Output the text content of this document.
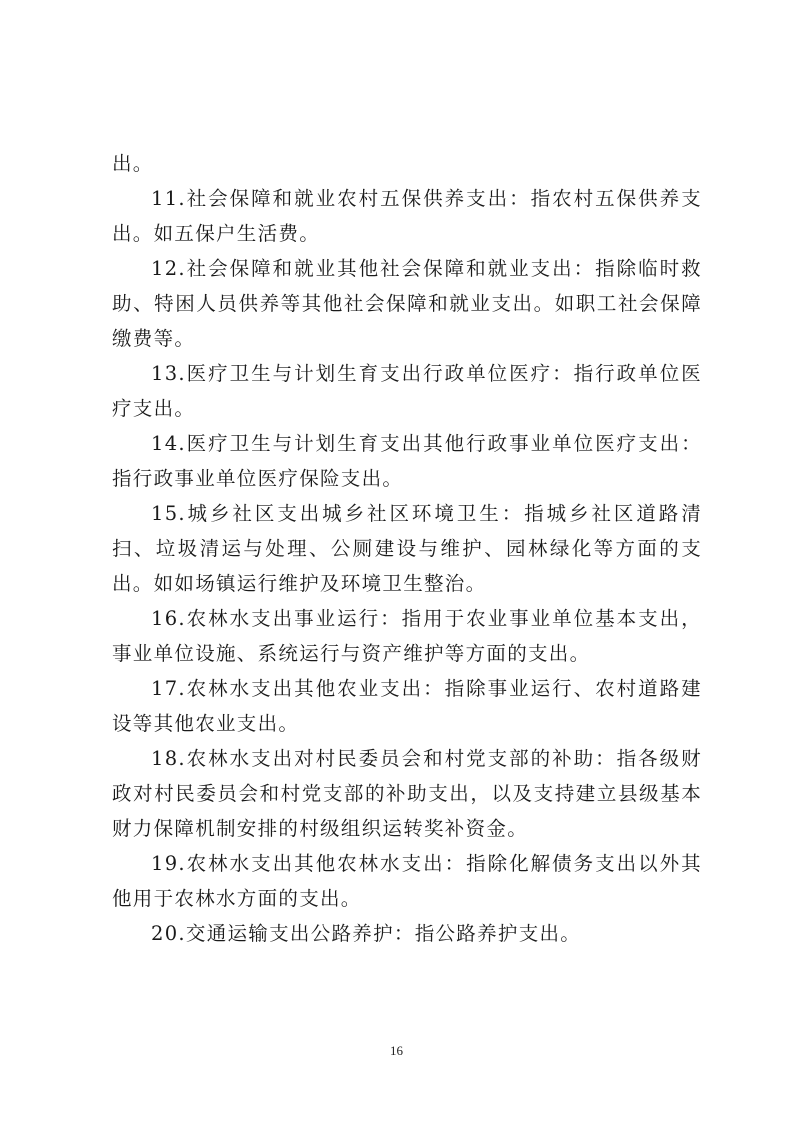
出。

11.社会保障和就业农村五保供养支出：指农村五保供养支出。如五保户生活费。

12.社会保障和就业其他社会保障和就业支出：指除临时救助、特困人员供养等其他社会保障和就业支出。如职工社会保障缴费等。

13.医疗卫生与计划生育支出行政单位医疗：指行政单位医疗支出。

14.医疗卫生与计划生育支出其他行政事业单位医疗支出：指行政事业单位医疗保险支出。

15.城乡社区支出城乡社区环境卫生：指城乡社区道路清扫、垃圾清运与处理、公厕建设与维护、园林绿化等方面的支出。如如场镇运行维护及环境卫生整治。

16.农林水支出事业运行：指用于农业事业单位基本支出，事业单位设施、系统运行与资产维护等方面的支出。

17.农林水支出其他农业支出：指除事业运行、农村道路建设等其他农业支出。

18.农林水支出对村民委员会和村党支部的补助：指各级财政对村民委员会和村党支部的补助支出，以及支持建立县级基本财力保障机制安排的村级组织运转奖补资金。

19.农林水支出其他农林水支出：指除化解债务支出以外其他用于农林水方面的支出。

20.交通运输支出公路养护：指公路养护支出。

16
